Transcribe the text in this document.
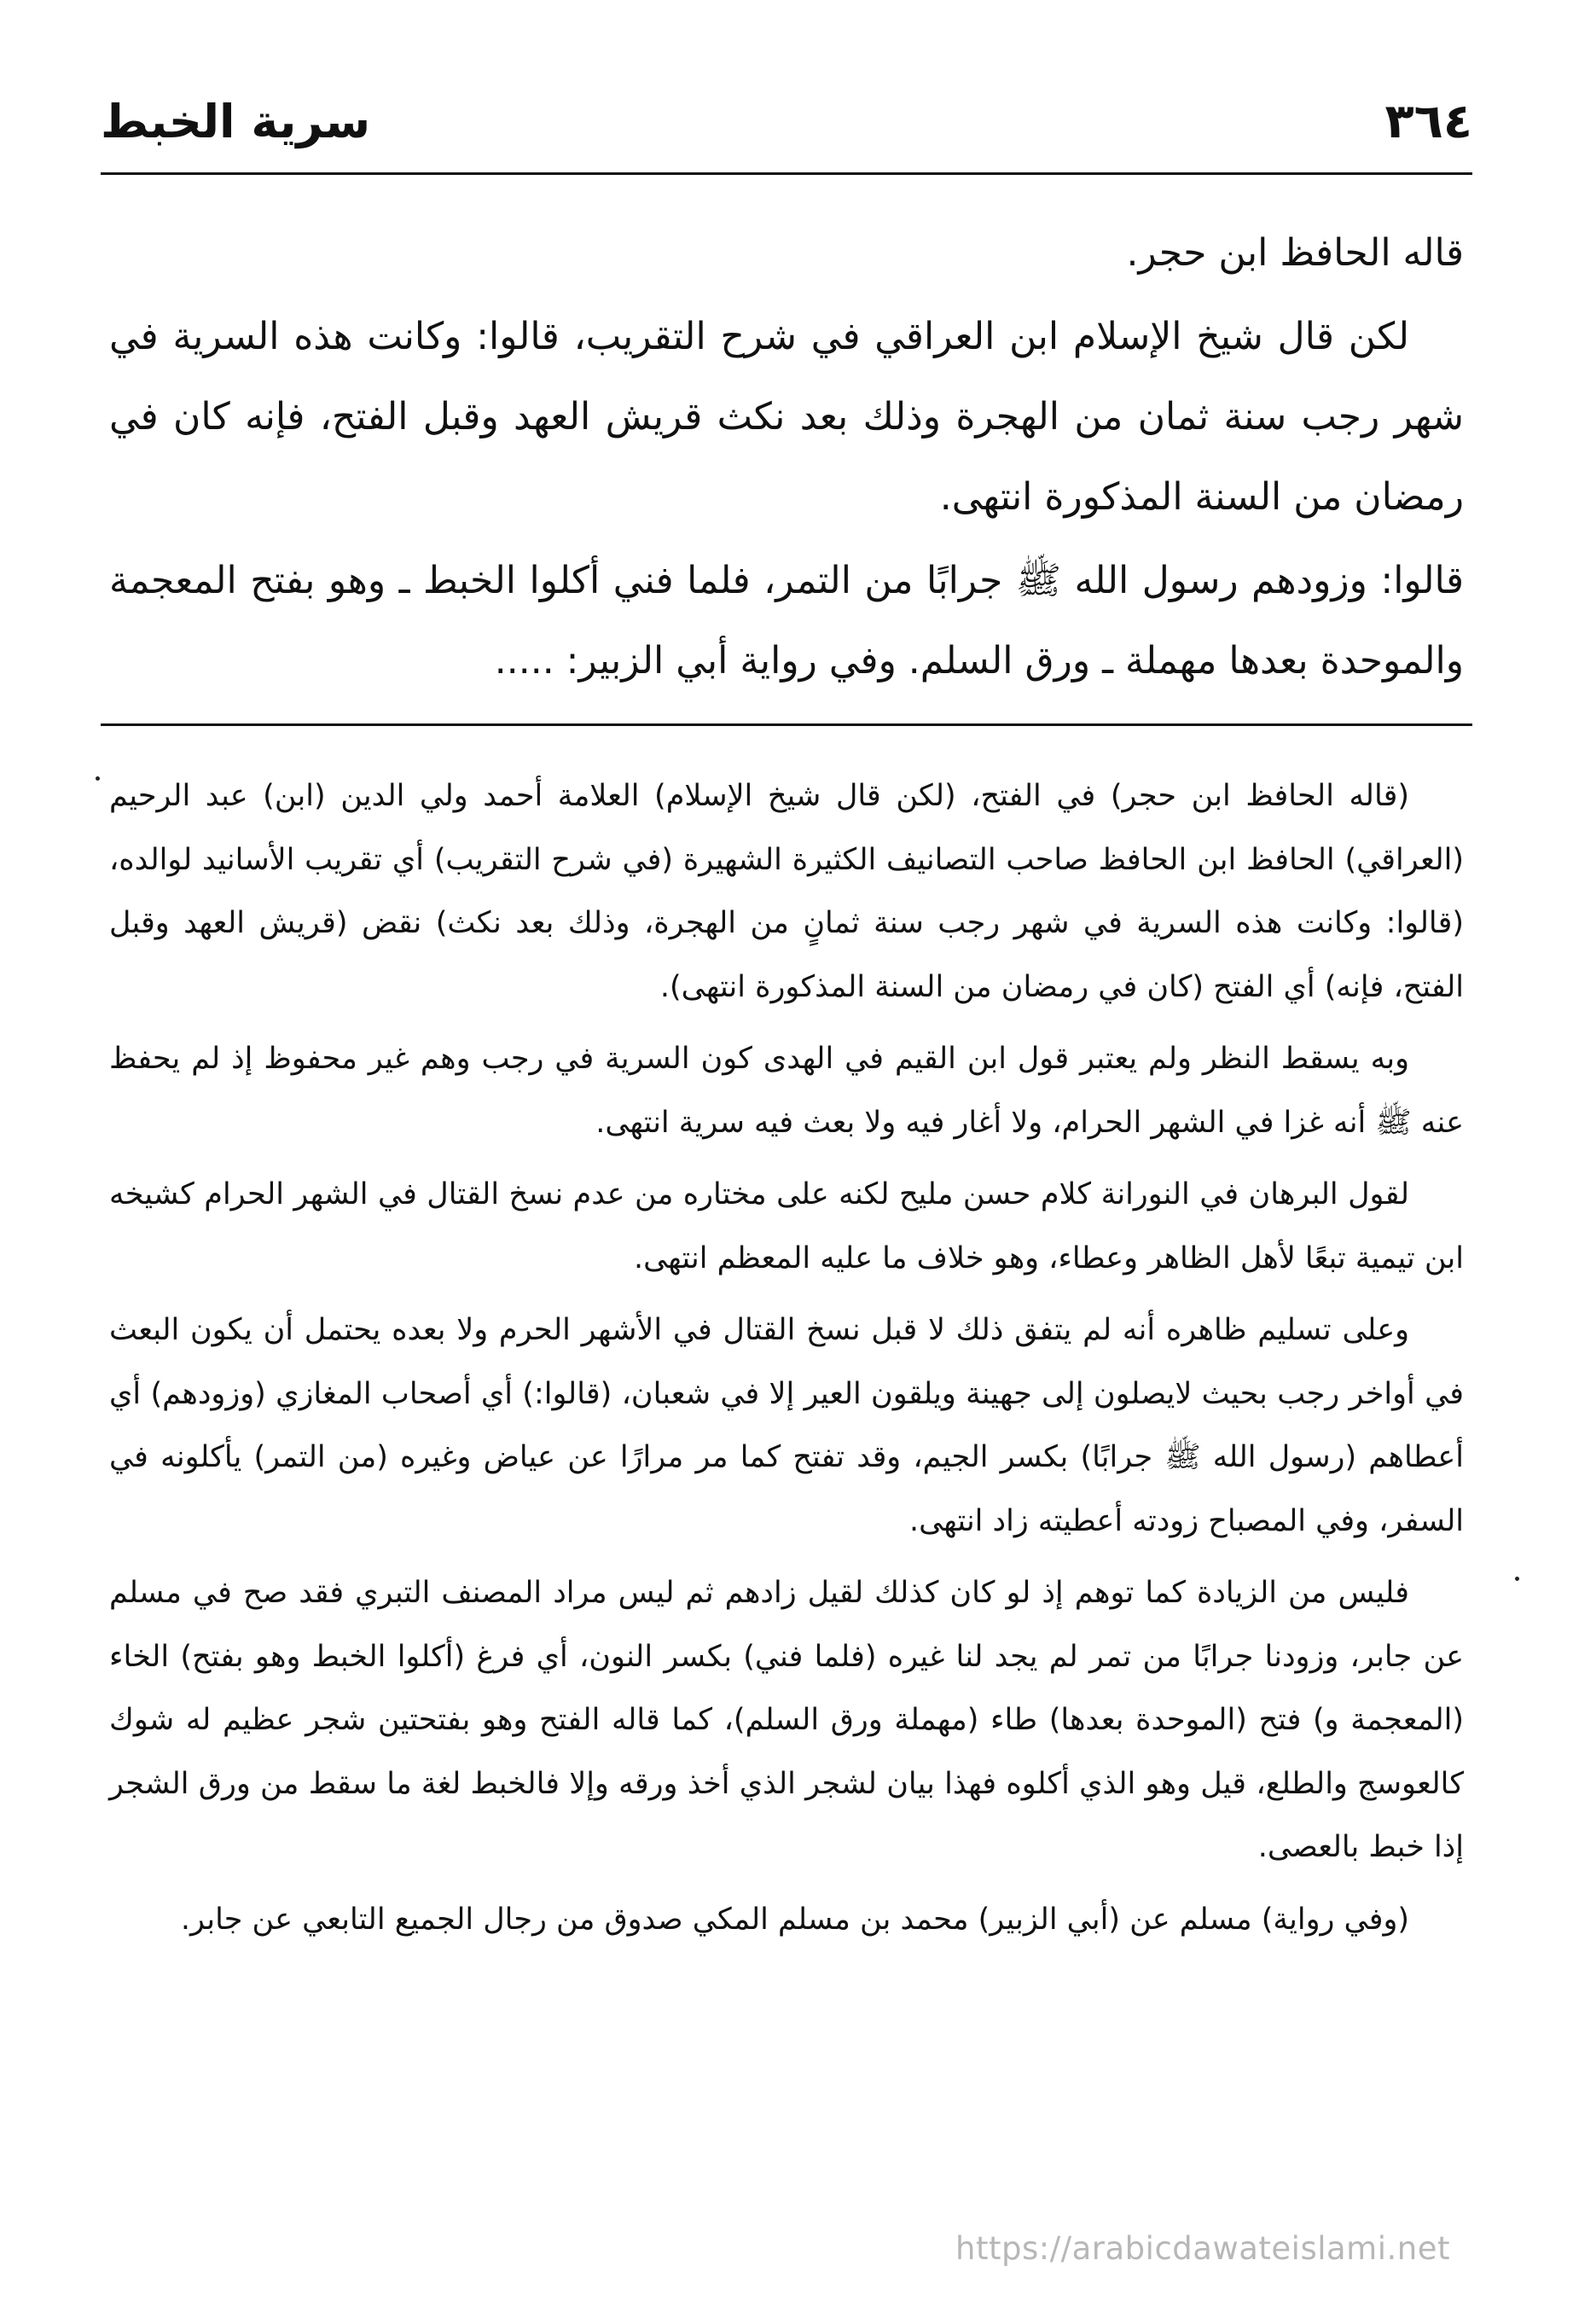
٣٦٤
سرية الخبط

قاله الحافظ ابن حجر.

لكن قال شيخ الإسلام ابن العراقي في شرح التقريب، قالوا: وكانت هذه السرية في شهر رجب سنة ثمان من الهجرة وذلك بعد نكث قريش العهد وقبل الفتح، فإنه كان في رمضان من السنة المذكورة انتهى.

قالوا: وزودهم رسول الله ﷺ جرابًا من التمر، فلما فني أكلوا الخبط ـ وهو بفتح المعجمة والموحدة بعدها مهملة ـ ورق السلم. وفي رواية أبي الزبير: .....

(قاله الحافظ ابن حجر) في الفتح، (لكن قال شيخ الإسلام) العلامة أحمد ولي الدين (ابن) عبد الرحيم (العراقي) الحافظ ابن الحافظ صاحب التصانيف الكثيرة الشهيرة (في شرح التقريب) أي تقريب الأسانيد لوالده، (قالوا: وكانت هذه السرية في شهر رجب سنة ثمانٍ من الهجرة، وذلك بعد نكث) نقض (قريش العهد وقبل الفتح، فإنه) أي الفتح (كان في رمضان من السنة المذكورة انتهى).

وبه يسقط النظر ولم يعتبر قول ابن القيم في الهدى كون السرية في رجب وهم غير محفوظ إذ لم يحفظ عنه ﷺ أنه غزا في الشهر الحرام، ولا أغار فيه ولا بعث فيه سرية انتهى.

لقول البرهان في النورانة كلام حسن مليح لكنه على مختاره من عدم نسخ القتال في الشهر الحرام كشيخه ابن تيمية تبعًا لأهل الظاهر وعطاء، وهو خلاف ما عليه المعظم انتهى.

وعلى تسليم ظاهره أنه لم يتفق ذلك لا قبل نسخ القتال في الأشهر الحرم ولا بعده يحتمل أن يكون البعث في أواخر رجب بحيث لايصلون إلى جهينة ويلقون العير إلا في شعبان، (قالوا:) أي أصحاب المغازي (وزودهم) أي أعطاهم (رسول الله ﷺ جرابًا) بكسر الجيم، وقد تفتح كما مر مرارًا عن عياض وغيره (من التمر) يأكلونه في السفر، وفي المصباح زودته أعطيته زاد انتهى.

فليس من الزيادة كما توهم إذ لو كان كذلك لقيل زادهم ثم ليس مراد المصنف التبري فقد صح في مسلم عن جابر، وزودنا جرابًا من تمر لم يجد لنا غيره (فلما فني) بكسر النون، أي فرغ (أكلوا الخبط وهو بفتح) الخاء (المعجمة و) فتح (الموحدة بعدها) طاء (مهملة ورق السلم)، كما قاله الفتح وهو بفتحتين شجر عظيم له شوك كالعوسج والطلع، قيل وهو الذي أكلوه فهذا بيان لشجر الذي أخذ ورقه وإلا فالخبط لغة ما سقط من ورق الشجر إذا خبط بالعصى.

(وفي رواية) مسلم عن (أبي الزبير) محمد بن مسلم المكي صدوق من رجال الجميع التابعي عن جابر.

https://arabicdawateislami.net
